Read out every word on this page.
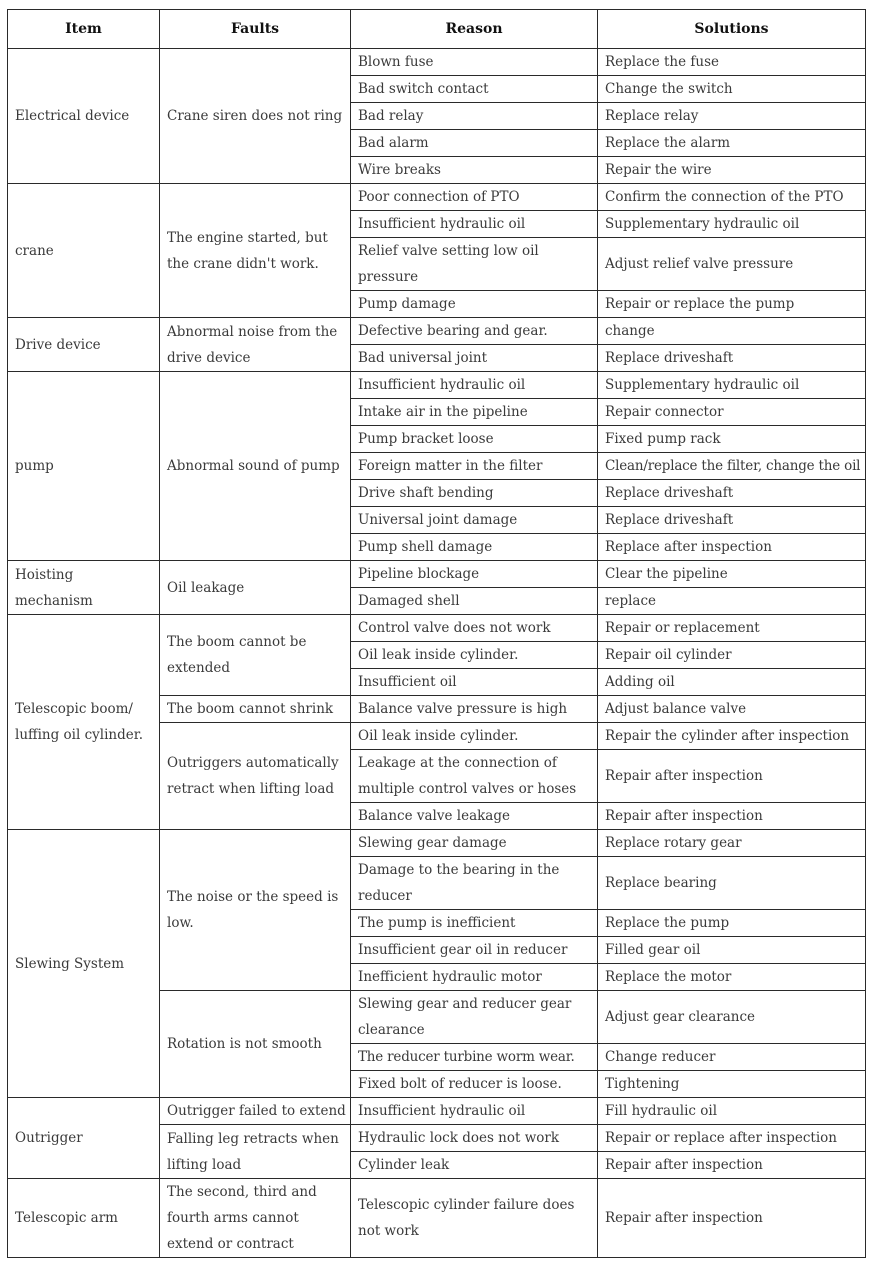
Item	Faults	Reason	Solutions
Electrical device	Crane siren does not ring	Blown fuse	Replace the fuse
		Bad switch contact	Change the switch
		Bad relay	Replace relay
		Bad alarm	Replace the alarm
		Wire breaks	Repair the wire
crane	The engine started, but the crane didn't work.	Poor connection of PTO	Confirm the connection of the PTO
		Insufficient hydraulic oil	Supplementary hydraulic oil
		Relief valve setting low oil pressure	Adjust relief valve pressure
		Pump damage	Repair or replace the pump
Drive device	Abnormal noise from the drive device	Defective bearing and gear.	change
		Bad universal joint	Replace driveshaft
pump	Abnormal sound of pump	Insufficient hydraulic oil	Supplementary hydraulic oil
		Intake air in the pipeline	Repair connector
		Pump bracket loose	Fixed pump rack
		Foreign matter in the filter	Clean/replace the filter, change the oil
		Drive shaft bending	Replace driveshaft
		Universal joint damage	Replace driveshaft
		Pump shell damage	Replace after inspection
Hoisting mechanism	Oil leakage	Pipeline blockage	Clear the pipeline
		Damaged shell	replace
Telescopic boom/ luffing oil cylinder.	The boom cannot be extended	Control valve does not work	Repair or replacement
		Oil leak inside cylinder.	Repair oil cylinder
		Insufficient oil	Adding oil
	The boom cannot shrink	Balance valve pressure is high	Adjust balance valve
	Outriggers automatically retract when lifting load	Oil leak inside cylinder.	Repair the cylinder after inspection
		Leakage at the connection of multiple control valves or hoses	Repair after inspection
		Balance valve leakage	Repair after inspection
Slewing System	The noise or the speed is low.	Slewing gear damage	Replace rotary gear
		Damage to the bearing in the reducer	Replace bearing
		The pump is inefficient	Replace the pump
		Insufficient gear oil in reducer	Filled gear oil
		Inefficient hydraulic motor	Replace the motor
	Rotation is not smooth	Slewing gear and reducer gear clearance	Adjust gear clearance
		The reducer turbine worm wear.	Change reducer
		Fixed bolt of reducer is loose.	Tightening
Outrigger	Outrigger failed to extend	Insufficient hydraulic oil	Fill hydraulic oil
	Falling leg retracts when lifting load	Hydraulic lock does not work	Repair or replace after inspection
		Cylinder leak	Repair after inspection
Telescopic arm	The second, third and fourth arms cannot extend or contract	Telescopic cylinder failure does not work	Repair after inspection
